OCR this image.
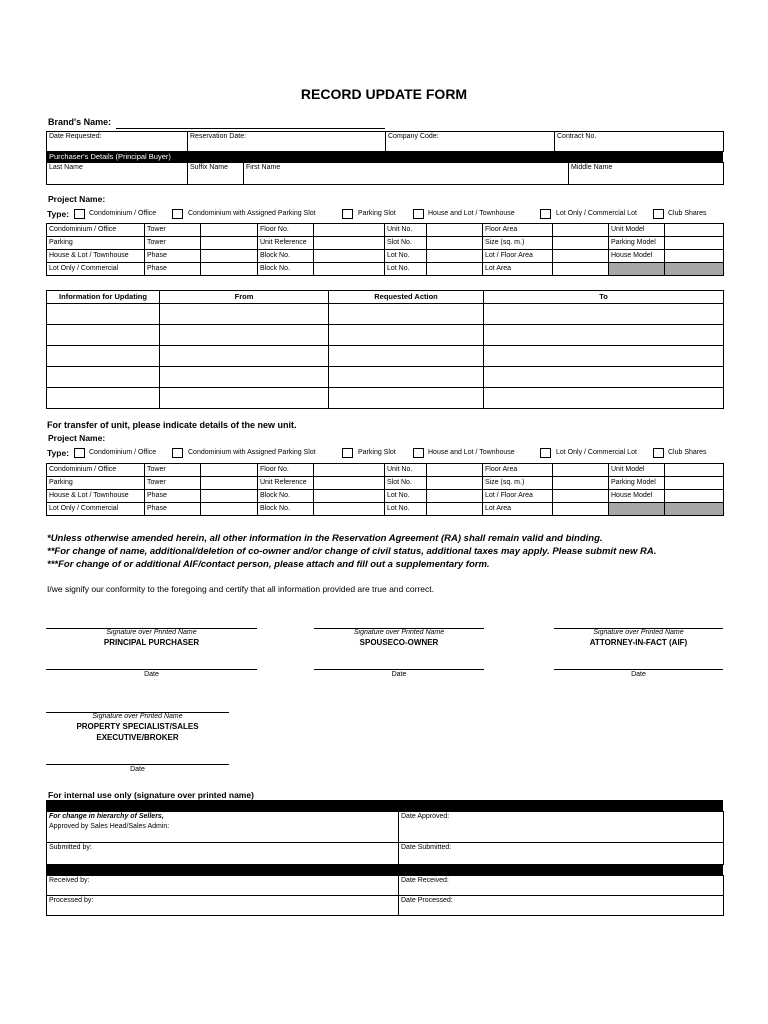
RECORD UPDATE FORM
Brand's Name:
Date Requested:	Reservation Date:	Company Code:	Contract No.
Purchaser's Details (Principal Buyer)
Last Name	Suffix Name	First Name	Middle Name
Project Name:
Type:	Condominium / Office	Condominium with Assigned Parking Slot	Parking Slot	House and Lot / Townhouse	Lot Only / Commercial Lot	Club Shares
Condominium / Office	Tower		Floor No.		Unit No.		Floor Area		Unit Model	
Parking	Tower		Unit Reference		Slot No.		Size (sq. m.)		Parking Model	
House & Lot / Townhouse	Phase		Block No.		Lot No.		Lot / Floor Area		House Model	
Lot Only / Commercial	Phase		Block No.		Lot No.		Lot Area			
Information for Updating	From	Requested Action	To

For transfer of unit, please indicate details of the new unit.
Project Name:
Type:	Condominium / Office	Condominium with Assigned Parking Slot	Parking Slot	House and Lot / Townhouse	Lot Only / Commercial Lot	Club Shares
Condominium / Office	Tower		Floor No.		Unit No.		Floor Area		Unit Model	
Parking	Tower		Unit Reference		Slot No.		Size (sq. m.)		Parking Model	
House & Lot / Townhouse	Phase		Block No.		Lot No.		Lot / Floor Area		House Model	
Lot Only / Commercial	Phase		Block No.		Lot No.		Lot Area			
*Unless otherwise amended herein, all other information in the Reservation Agreement (RA) shall remain valid and binding.
**For change of name, additional/deletion of co-owner and/or change of civil status, additional taxes may apply. Please submit new RA.
***For change of or additional AIF/contact person, please attach and fill out a supplementary form.
I/we signify our conformity to the foregoing and certify that all information provided are true and correct.
Signature over Printed Name
PRINCIPAL PURCHASER
Date
Signature over Printed Name
SPOUSECO-OWNER
Date
Signature over Printed Name
ATTORNEY-IN-FACT (AIF)
Date
Signature over Printed Name
PROPERTY SPECIALIST/SALES
EXECUTIVE/BROKER
Date
For internal use only (signature over printed name)
For change in hierarchy of Sellers,
Approved by Sales Head/Sales Admin:	Date Approved:
Submitted by:	Date Submitted:
Received by:	Date Received:
Processed by:	Date Processed:
